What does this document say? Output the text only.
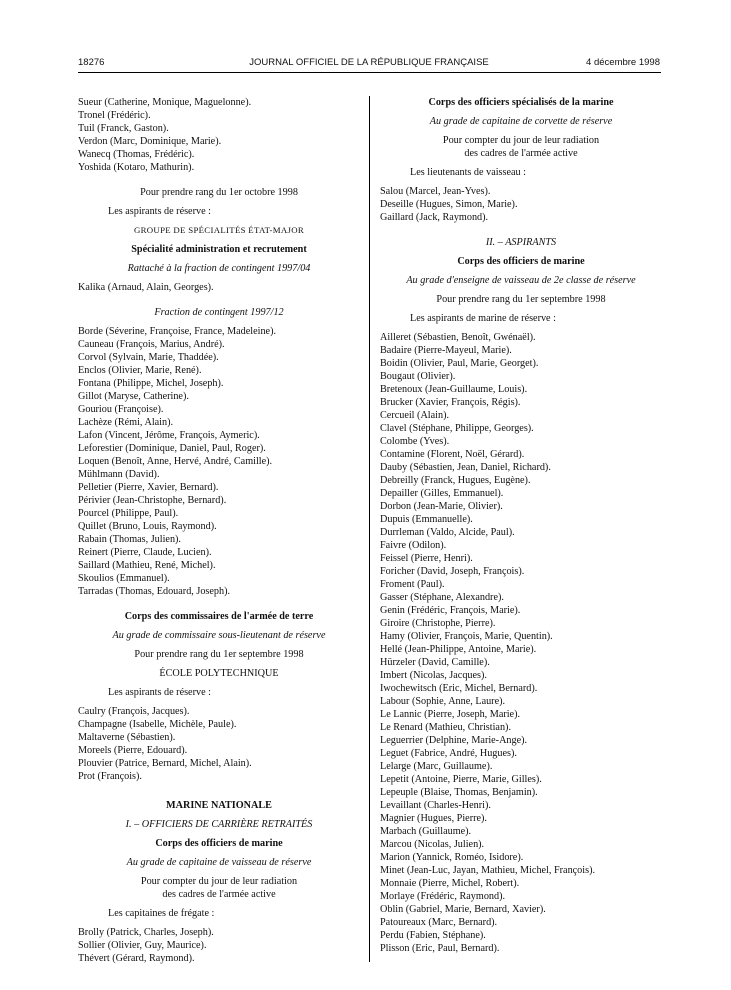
18276	JOURNAL OFFICIEL DE LA RÉPUBLIQUE FRANÇAISE	4 décembre 1998
Sueur (Catherine, Monique, Maguelonne).
Tronel (Frédéric).
Tuil (Franck, Gaston).
Verdon (Marc, Dominique, Marie).
Wanecq (Thomas, Frédéric).
Yoshida (Kotaro, Mathurin).
Pour prendre rang du 1er octobre 1998
Les aspirants de réserve :
GROUPE DE SPÉCIALITÉS ÉTAT-MAJOR
Spécialité administration et recrutement
Rattaché à la fraction de contingent 1997/04
Kalika (Arnaud, Alain, Georges).
Fraction de contingent 1997/12
Borde (Séverine, Françoise, France, Madeleine).
Cauneau (François, Marius, André).
Corvol (Sylvain, Marie, Thaddée).
Enclos (Olivier, Marie, René).
Fontana (Philippe, Michel, Joseph).
Gillot (Maryse, Catherine).
Gouriou (Françoise).
Lachèze (Rémi, Alain).
Lafon (Vincent, Jérôme, François, Aymeric).
Leforestier (Dominique, Daniel, Paul, Roger).
Loquen (Benoît, Anne, Hervé, André, Camille).
Mühlmann (David).
Pelletier (Pierre, Xavier, Bernard).
Périvier (Jean-Christophe, Bernard).
Pourcel (Philippe, Paul).
Quillet (Bruno, Louis, Raymond).
Rabain (Thomas, Julien).
Reinert (Pierre, Claude, Lucien).
Saillard (Mathieu, René, Michel).
Skoulios (Emmanuel).
Tarradas (Thomas, Edouard, Joseph).
Corps des commissaires de l'armée de terre
Au grade de commissaire sous-lieutenant de réserve
Pour prendre rang du 1er septembre 1998
ÉCOLE POLYTECHNIQUE
Les aspirants de réserve :
Caulry (François, Jacques).
Champagne (Isabelle, Michèle, Paule).
Maltaverne (Sébastien).
Moreels (Pierre, Edouard).
Plouvier (Patrice, Bernard, Michel, Alain).
Prot (François).
MARINE NATIONALE
I. – OFFICIERS DE CARRIÈRE RETRAITÉS
Corps des officiers de marine
Au grade de capitaine de vaisseau de réserve
Pour compter du jour de leur radiation
des cadres de l'armée active
Les capitaines de frégate :
Brolly (Patrick, Charles, Joseph).
Sollier (Olivier, Guy, Maurice).
Thévert (Gérard, Raymond).
Corps des officiers spécialisés de la marine
Au grade de capitaine de corvette de réserve
Pour compter du jour de leur radiation
des cadres de l'armée active
Les lieutenants de vaisseau :
Salou (Marcel, Jean-Yves).
Deseille (Hugues, Simon, Marie).
Gaillard (Jack, Raymond).
II. – ASPIRANTS
Corps des officiers de marine
Au grade d'enseigne de vaisseau de 2e classe de réserve
Pour prendre rang du 1er septembre 1998
Les aspirants de marine de réserve :
Ailleret (Sébastien, Benoît, Gwénaël).
Badaire (Pierre-Mayeul, Marie).
Boidin (Olivier, Paul, Marie, Georget).
Bougaut (Olivier).
Bretenoux (Jean-Guillaume, Louis).
Brucker (Xavier, François, Régis).
Cercueil (Alain).
Clavel (Stéphane, Philippe, Georges).
Colombe (Yves).
Contamine (Florent, Noël, Gérard).
Dauby (Sébastien, Jean, Daniel, Richard).
Debreilly (Franck, Hugues, Eugène).
Depailler (Gilles, Emmanuel).
Dorbon (Jean-Marie, Olivier).
Dupuis (Emmanuelle).
Durrleman (Valdo, Alcide, Paul).
Faivre (Odilon).
Feissel (Pierre, Henri).
Foricher (David, Joseph, François).
Froment (Paul).
Gasser (Stéphane, Alexandre).
Genin (Frédéric, François, Marie).
Giroire (Christophe, Pierre).
Hamy (Olivier, François, Marie, Quentin).
Hellé (Jean-Philippe, Antoine, Marie).
Hürzeler (David, Camille).
Imbert (Nicolas, Jacques).
Iwochewitsch (Eric, Michel, Bernard).
Labour (Sophie, Anne, Laure).
Le Lannic (Pierre, Joseph, Marie).
Le Renard (Mathieu, Christian).
Leguerrier (Delphine, Marie-Ange).
Leguet (Fabrice, André, Hugues).
Lelarge (Marc, Guillaume).
Lepetit (Antoine, Pierre, Marie, Gilles).
Lepeuple (Blaise, Thomas, Benjamin).
Levaillant (Charles-Henri).
Magnier (Hugues, Pierre).
Marbach (Guillaume).
Marcou (Nicolas, Julien).
Marion (Yannick, Roméo, Isidore).
Minet (Jean-Luc, Jayan, Mathieu, Michel, François).
Monnaie (Pierre, Michel, Robert).
Morlaye (Frédéric, Raymond).
Oblin (Gabriel, Marie, Bernard, Xavier).
Patoureaux (Marc, Bernard).
Perdu (Fabien, Stéphane).
Plisson (Eric, Paul, Bernard).
